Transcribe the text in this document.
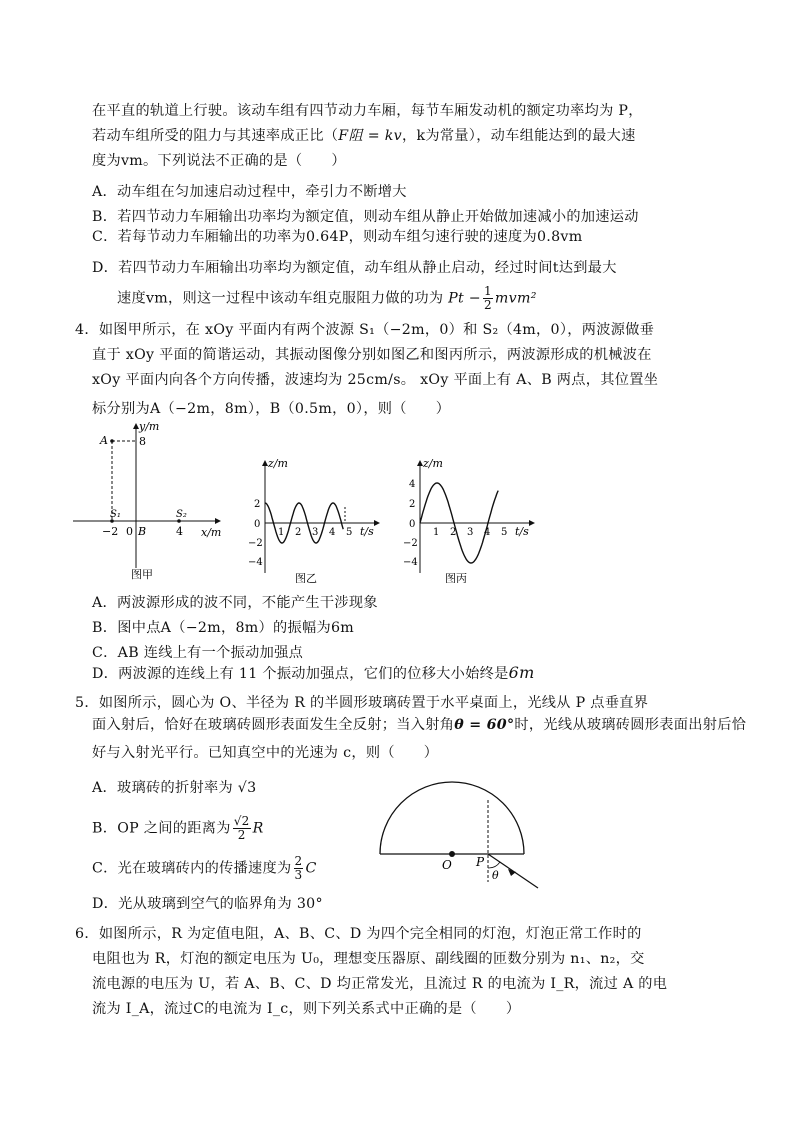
在平直的轨道上行驶。该动车组有四节动力车厢，每节车厢发动机的额定功率均为 P，
若动车组所受的阻力与其速率成正比（F阻 = kv，k为常量），动车组能达到的最大速
度为vm。下列说法不正确的是（　　）
A．动车组在匀加速启动过程中，牵引力不断增大
B．若四节动力车厢输出功率均为额定值，则动车组从静止开始做加速减小的加速运动
C．若每节动力车厢输出的功率为0.64P，则动车组匀速行驶的速度为0.8vm
D．若四节动力车厢输出功率均为额定值，动车组从静止启动，经过时间t达到最大
速度vm，则这一过程中该动车组克服阻力做的功为 $Pt - \frac{1}{2} mvm^2$
4．如图甲所示，在 xOy 平面内有两个波源 S₁（−2m，0）和 S₂（4m，0），两波源做垂
直于 xOy 平面的简谐运动，其振动图像分别如图乙和图丙所示，两波源形成的机械波在
xOy 平面内向各个方向传播，波速均为 25cm/s。 xOy 平面上有 A、B 两点，其位置坐
标分别为A（−2m，8m），B（0.5m，0），则（　　）
y/m
A	8
S₁	S₂
−2 0 B	4 x/m
图甲
z/m
2
0
−2
−4
1 2 3 4 5 t/s
图乙
z/m
4
2
0
−2
−4
1 2 3 4 5 t/s
图丙
A．两波源形成的波不同，不能产生干涉现象
B．图中点A（−2m，8m）的振幅为6m
C．AB 连线上有一个振动加强点
D．两波源的连线上有 11 个振动加强点，它们的位移大小始终是6m
5．如图所示，圆心为 O、半径为 R 的半圆形玻璃砖置于水平桌面上，光线从 P 点垂直界
面入射后，恰好在玻璃砖圆形表面发生全反射；当入射角θ = 60°时，光线从玻璃砖圆形表面出射后恰
好与入射光平行。已知真空中的光速为 c，则（　　）
A．玻璃砖的折射率为 √3
B．OP 之间的距离为 $\frac{√2}{2}$ R
C．光在玻璃砖内的传播速度为 $\frac{2}{3}$ C
D．光从玻璃到空气的临界角为 30°
O P
θ
6．如图所示，R 为定值电阻，A、B、C、D 为四个完全相同的灯泡，灯泡正常工作时的
电阻也为 R，灯泡的额定电压为 U₀，理想变压器原、副线圈的匝数分别为 n₁、n₂，交
流电源的电压为 U，若 A、B、C、D 均正常发光，且流过 R 的电流为 I_R，流过 A 的电
流为 I_A，流过C的电流为 I_c，则下列关系式中正确的是（　　）
